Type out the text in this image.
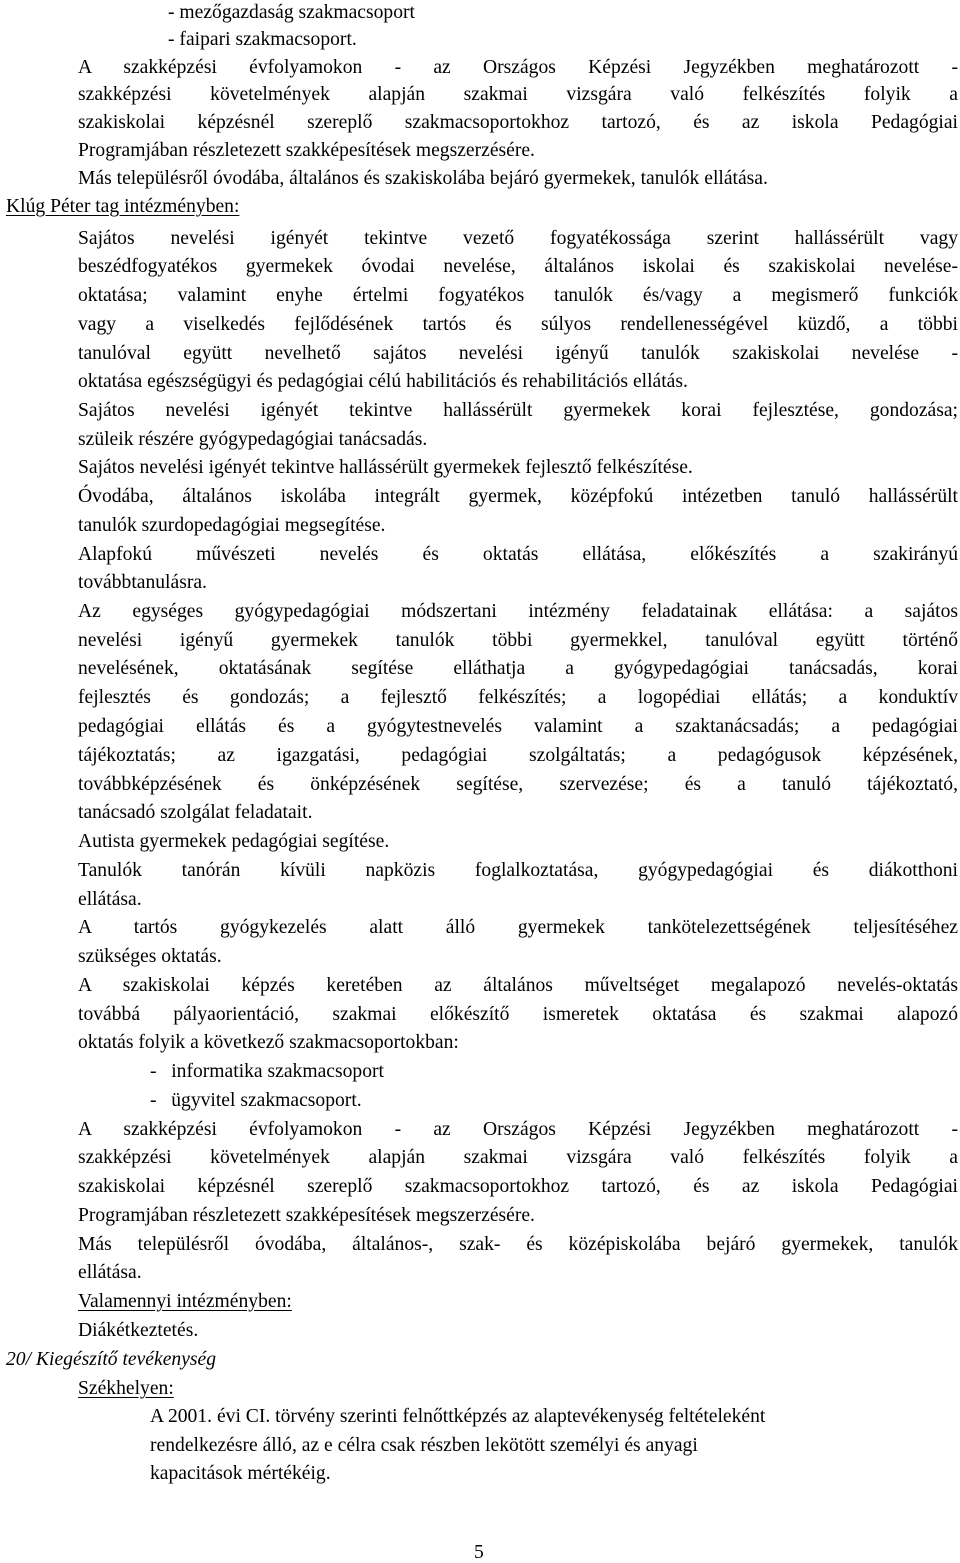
- mezőgazdaság szakmacsoport
- faipari szakmacsoport.
A szakképzési évfolyamokon - az Országos Képzési Jegyzékben meghatározott -
szakképzési követelmények alapján szakmai vizsgára való felkészítés folyik a
szakiskolai képzésnél szereplő szakmacsoportokhoz tartozó, és az iskola Pedagógiai
Programjában részletezett szakképesítések megszerzésére.
Más településről óvodába, általános és szakiskolába bejáró gyermekek, tanulók ellátása.
Klúg Péter tag intézményben:
Sajátos nevelési igényét tekintve vezető fogyatékossága szerint hallássérült vagy
beszédfogyatékos gyermekek óvodai nevelése, általános iskolai és szakiskolai nevelése-
oktatása; valamint enyhe értelmi fogyatékos tanulók és/vagy a megismerő funkciók
vagy a viselkedés fejlődésének tartós és súlyos rendellenességével küzdő, a többi
tanulóval együtt nevelhető sajátos nevelési igényű tanulók szakiskolai nevelése -
oktatása egészségügyi és pedagógiai célú habilitációs és rehabilitációs ellátás.
Sajátos nevelési igényét tekintve hallássérült gyermekek korai fejlesztése, gondozása;
szüleik részére gyógypedagógiai tanácsadás.
Sajátos nevelési igényét tekintve hallássérült gyermekek fejlesztő felkészítése.
Óvodába, általános iskolába integrált gyermek, középfokú intézetben tanuló hallássérült
tanulók szurdopedagógiai megsegítése.
Alapfokú művészeti nevelés és oktatás ellátása, előkészítés a szakirányú
továbbtanulásra.
Az egységes gyógypedagógiai módszertani intézmény feladatainak ellátása: a sajátos
nevelési igényű gyermekek tanulók többi gyermekkel, tanulóval együtt történő
nevelésének, oktatásának segítése elláthatja a gyógypedagógiai tanácsadás, korai
fejlesztés és gondozás; a fejlesztő felkészítés; a logopédiai ellátás; a konduktív
pedagógiai ellátás és a gyógytestnevelés valamint a szaktanácsadás; a pedagógiai
tájékoztatás; az igazgatási, pedagógiai szolgáltatás; a pedagógusok képzésének,
továbbképzésének és önképzésének segítése, szervezése; és a tanuló tájékoztató,
tanácsadó szolgálat feladatait.
Autista gyermekek pedagógiai segítése.
Tanulók tanórán kívüli napközis foglalkoztatása, gyógypedagógiai és diákotthoni
ellátása.
A tartós gyógykezelés alatt álló gyermekek tankötelezettségének teljesítéséhez
szükséges oktatás.
A szakiskolai képzés keretében az általános műveltséget megalapozó nevelés-oktatás
továbbá pályaorientáció, szakmai előkészítő ismeretek oktatása és szakmai alapozó
oktatás folyik a következő szakmacsoportokban:
-   informatika szakmacsoport
-   ügyvitel szakmacsoport.
A szakképzési évfolyamokon - az Országos Képzési Jegyzékben meghatározott -
szakképzési követelmények alapján szakmai vizsgára való felkészítés folyik a
szakiskolai képzésnél szereplő szakmacsoportokhoz tartozó, és az iskola Pedagógiai
Programjában részletezett szakképesítések megszerzésére.
Más településről óvodába, általános-, szak- és középiskolába bejáró gyermekek, tanulók
ellátása.
Valamennyi intézményben:
Diákétkeztetés.
20/ Kiegészítő tevékenység
Székhelyen:
A 2001. évi CI. törvény szerinti felnőttképzés az alaptevékenység feltételeként
rendelkezésre álló, az e célra csak részben lekötött személyi és anyagi
kapacitások mértékéig.
5
